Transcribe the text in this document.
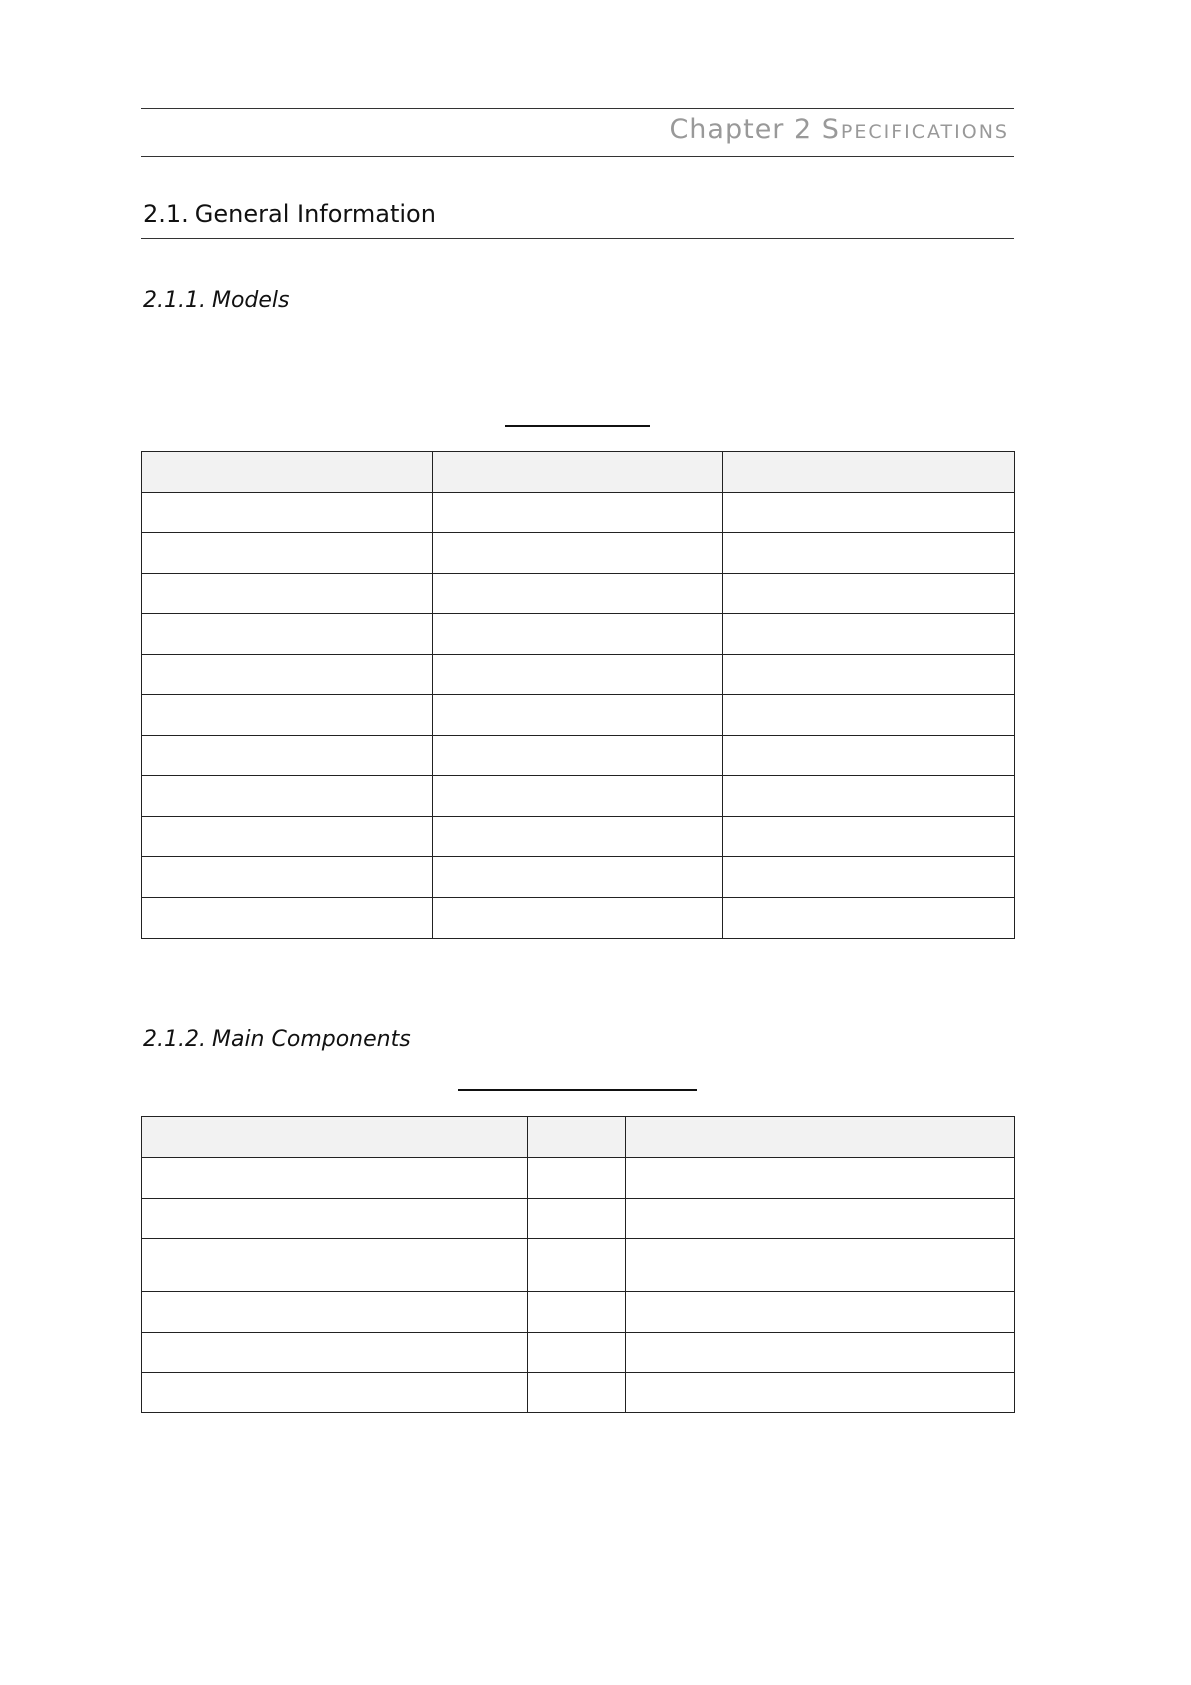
Chapter 2 Specifications
2.1. General Information
2.1.1. Models

2.1.2. Main Components
